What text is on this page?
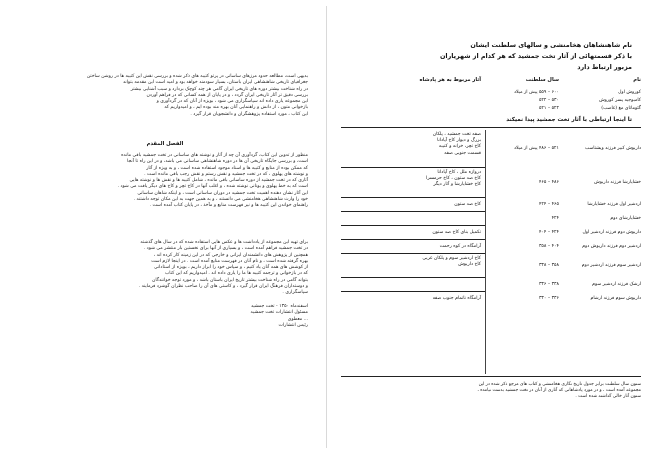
بدیهی است، مطالعه حدود مرزهای ساسانی در پرتو کتیبه های ذکر شده و بررسی نقش این کتیبه ها در روشن ساختن
جغرافیای تاریخی شاهنشاهی ایران باستان، بسیار سودمند خواهد بود و امید است این مقدمه بتواند
در راه شناخت بیشتر دوره های تاریخی ایران گامی هر چند کوچک بردارد و سبب آشنایی بیشتر
بررسی دقیق تر آثار تاریخی ایران گردد ، و در پایان از همه کسانی که در فراهم آوردن
این مجموعه یاری داده اند سپاسگزاری می شود ، بویژه از آنان که در گردآوری و
بازخوانی متون ، از دانش و راهنمایی آنان بهره مند بوده ایم ، و امیدواریم که
این کتاب ، مورد استفاده پژوهشگران و دانشجویان قرار گیرد .
الفصل المقدم
منظور از تدوین این کتاب، گردآوری آن چه از آثار و نوشته های ساسانی در تخت جمشید باقی مانده
است، و بررسی جایگاه تاریخی آن ها در دوره شاهنشاهی ساسانی می باشد، و در این راه تا آنجا
که ممکن بوده از منابع و کتیبه ها و اسناد موجود استفاده شده است ، و به ویژه از آثار
و نوشته های پهلوی ، که در تخت جمشید و نقش رستم و نقش رجب باقی مانده است .
آثاری که در تخت جمشید از دوره ساسانی باقی مانده ، شامل کتیبه ها و نقش ها و نوشته هایی
است که به خط پهلوی و یونانی نوشته شده ، و اغلب آنها در کاخ تچر و کاخ های دیگر یافت می شود .
این آثار نشان دهنده اهمیت تخت جمشید در دوران ساسانی است ، و اینکه شاهان ساسانی
خود را وارث شاهنشاهی هخامنشی می دانستند ، و به همین جهت به این مکان توجه داشتند .
راهنمای خواندن این کتیبه ها و نیز فهرست منابع و مآخذ ، در پایان کتاب آمده است .
برای تهیه این مجموعه از یادداشت ها و عکس هایی استفاده شده که در سال های گذشته
در تخت جمشید فراهم آمده است ، و بسیاری از آنها برای نخستین بار منتشر می شود .
همچنین از پژوهش های دانشمندان ایرانی و خارجی که در این زمینه کار کرده اند ،
بهره گرفته شده است ، و نام آنان در فهرست منابع آمده است . در اینجا لازم است
از کوشش های همه آنان یاد کنیم ، و سپاس خود را ابراز داریم ، بویژه از استادانی
که در بازخوانی و ترجمه کتیبه ها ما را یاری داده اند . امیدواریم که این کتاب
بتواند گامی در راه شناخت بیشتر تاریخ ایران باستان باشد ، و مورد توجه خوانندگان
و دوستداران فرهنگ ایران قرار گیرد ، و کاستی های آن را صاحب نظران گوشزد فرمایند .
سپاسگزاری .
اسفندماه ۱۳۵۰ - تخت جمشید
مسئول انتشارات تخت جمشید
... معطوی
رئیس انتشارات
نام شاهنشاهان هخامنشی و سالهای سلطنت ایشان
با ذکر قسمتهائی از آثار تخت جمشید که هر کدام از شهریاران
مزبور ارتباط دارد
نام
سال سلطنت
آثار مربوط به هر پادشاه
کوروش اول
۶۰۰ – ۵۵۹ پیش از میلاد
کامبوجیه پسر کوروش
۵۳۰ – ۵۲۲
گئوماتای مغ (غاصب)
۵۲۲ – ۵۲۱
تا اینجا ارتباطی با آثار تخت جمشید پیدا نمیکند
داریوش کبیر فرزند ویشتاسب
۵۲۱ – ۴۸۶ پیش از میلاد
صفه تخت جمشید ، پلکان
بزرگ و دیوار کاخ آپادانا
کاخ تچر، خزانه و کنیبه
قسمت جنوبی صفه
خشایارشا فرزند داریوش
۴۸۶ – ۴۶۵
دروازه ملل ، کاخ آپادانا
کاخ صد ستون ، کاخ حرمسرا
کاخ خشایارشا و آثار دیگر
اردشیر اول فرزند خشایارشا
۴۶۵ – ۴۲۴
کاخ صد ستون
خشایارشای دوم
۴۲۴
داریوش دوم فرزند اردشیر اول
۴۲۴ – ۴۰۴
تکمیل بنای کاخ صد ستون
اردشیر دوم فرزند داریوش دوم
۴۰۴ – ۳۵۸
آرامگاه در کوه رحمت
اردشیر سوم فرزند اردشیر دوم
۳۵۸ – ۳۳۸
کاخ اردشیر سوم و پلکان غربی
کاخ داریوش
ارشک فرزند اردشیر سوم
۳۳۸ – ۳۳۶
داریوش سوم فرزند ارشام
۳۳۶ – ۳۳۰
آرامگاه ناتمام جنوب صفه
ستون سال سلطنت برابر جدول تاریخ نگاری هخامنشی و کتاب های مرجع ذکر شده در این
مجموعه آمده است ، و در مورد پادشاهانی که آثاری از آنان در تخت جمشید بدست نیامده ،
ستون آثار خالی گذاشته شده است .
